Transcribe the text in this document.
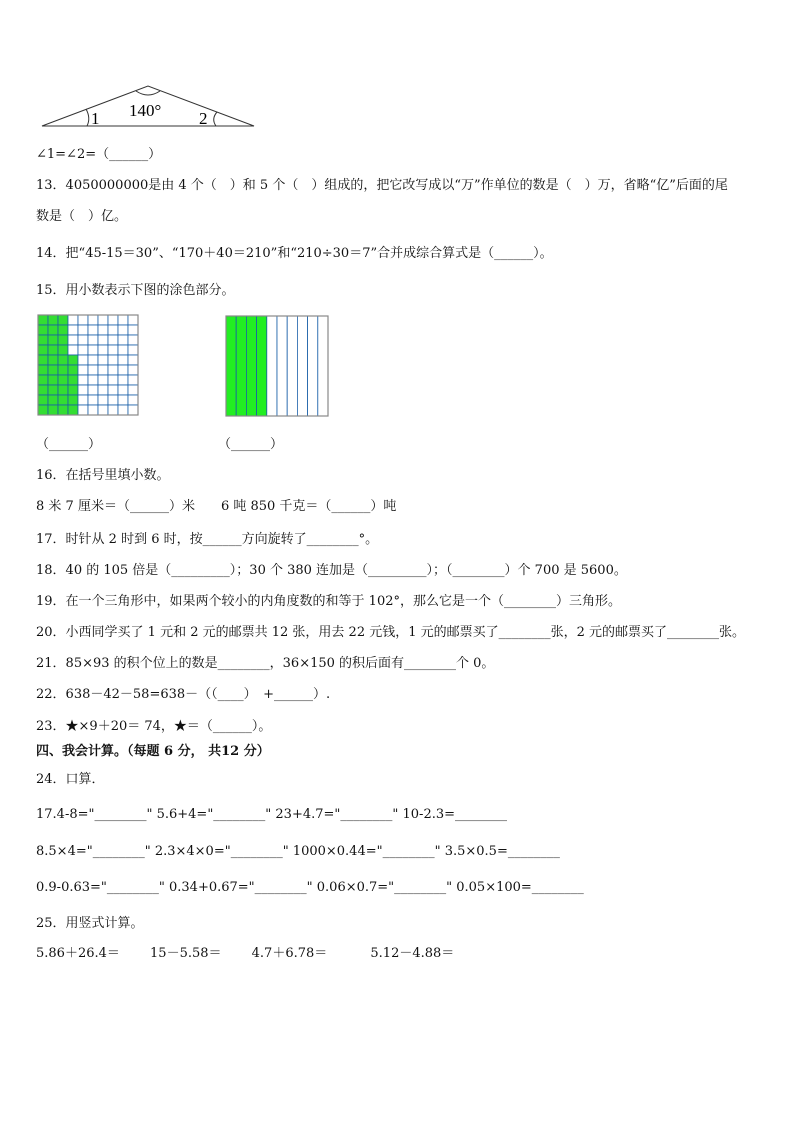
140°
1	2

∠1=∠2=（______）

13．4050000000是由 4 个（　）和 5 个（　）组成的，把它改写成以“万”作单位的数是（　）万，省略“亿”后面的尾

数是（　）亿。

14．把“45-15＝30”、“170＋40＝210”和“210÷30＝7”合并成综合算式是（______）。

15．用小数表示下图的涂色部分。

16．在括号里填小数。

8 米 7 厘米＝（______）米　　6 吨 850 千克＝（______）吨

17．时针从 2 时到 6 时，按______方向旋转了________°。

18．40 的 105 倍是（_________）；30 个 380 连加是（_________）；（________）个 700 是 5600。

19．在一个三角形中，如果两个较小的内角度数的和等于 102°，那么它是一个（________）三角形。

20．小西同学买了 1 元和 2 元的邮票共 12 张，用去 22 元钱，1 元的邮票买了________张，2 元的邮票买了________张。

21．85×93 的积个位上的数是________，36×150 的积后面有________个 0。

22．638－42－58=638－（（____）　+______）.

23．★×9＋20＝ 74，★＝（______）。

四、我会计算。（每题 6 分， 共12 分）

24．口算．

17.4-8="________" 5.6+4="________" 23+4.7="________" 10-2.3=________

8.5×4="________" 2.3×4×0="________" 1000×0.44="________" 3.5×0.5=________

0.9-0.63="________" 0.34+0.67="________" 0.06×0.7="________" 0.05×100=________

25．用竖式计算。

5.86＋26.4＝　　 15－5.58＝　　 4.7＋6.78＝　　　 5.12－4.88＝

（______）	（______）
